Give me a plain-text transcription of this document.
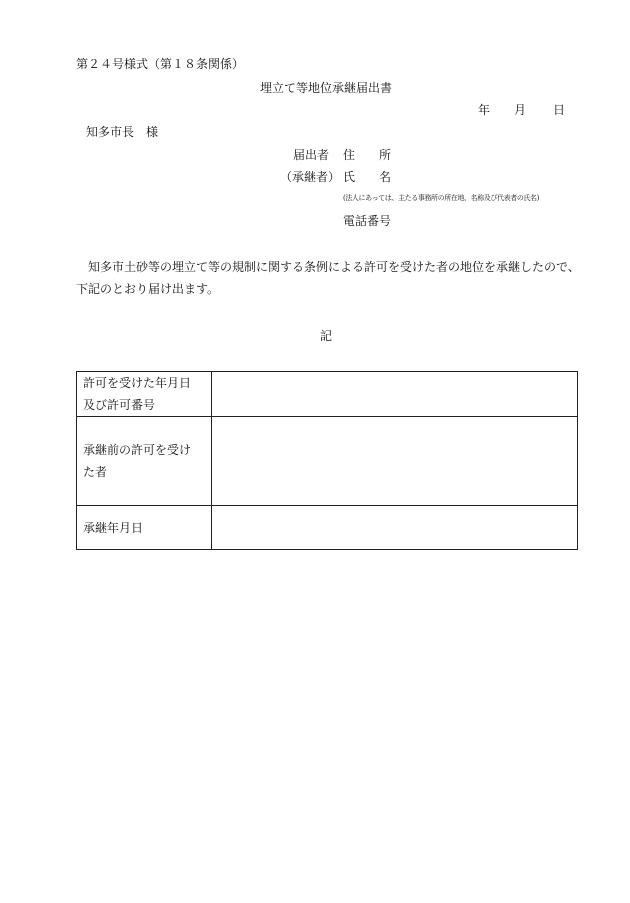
第２４号様式（第１８条関係）
埋立て等地位承継届出書
年 月 日
知多市長　様
届出者 住　　所
（承継者） 氏　　名
(法人にあっては、主たる事務所の所在地、名称及び代表者の氏名)
電話番号
知多市土砂等の埋立て等の規制に関する条例による許可を受けた者の地位を承継したので、下記のとおり届け出ます。
記
許可を受けた年月日
及び許可番号	

承継前の許可を受け
た者	

承継年月日	
